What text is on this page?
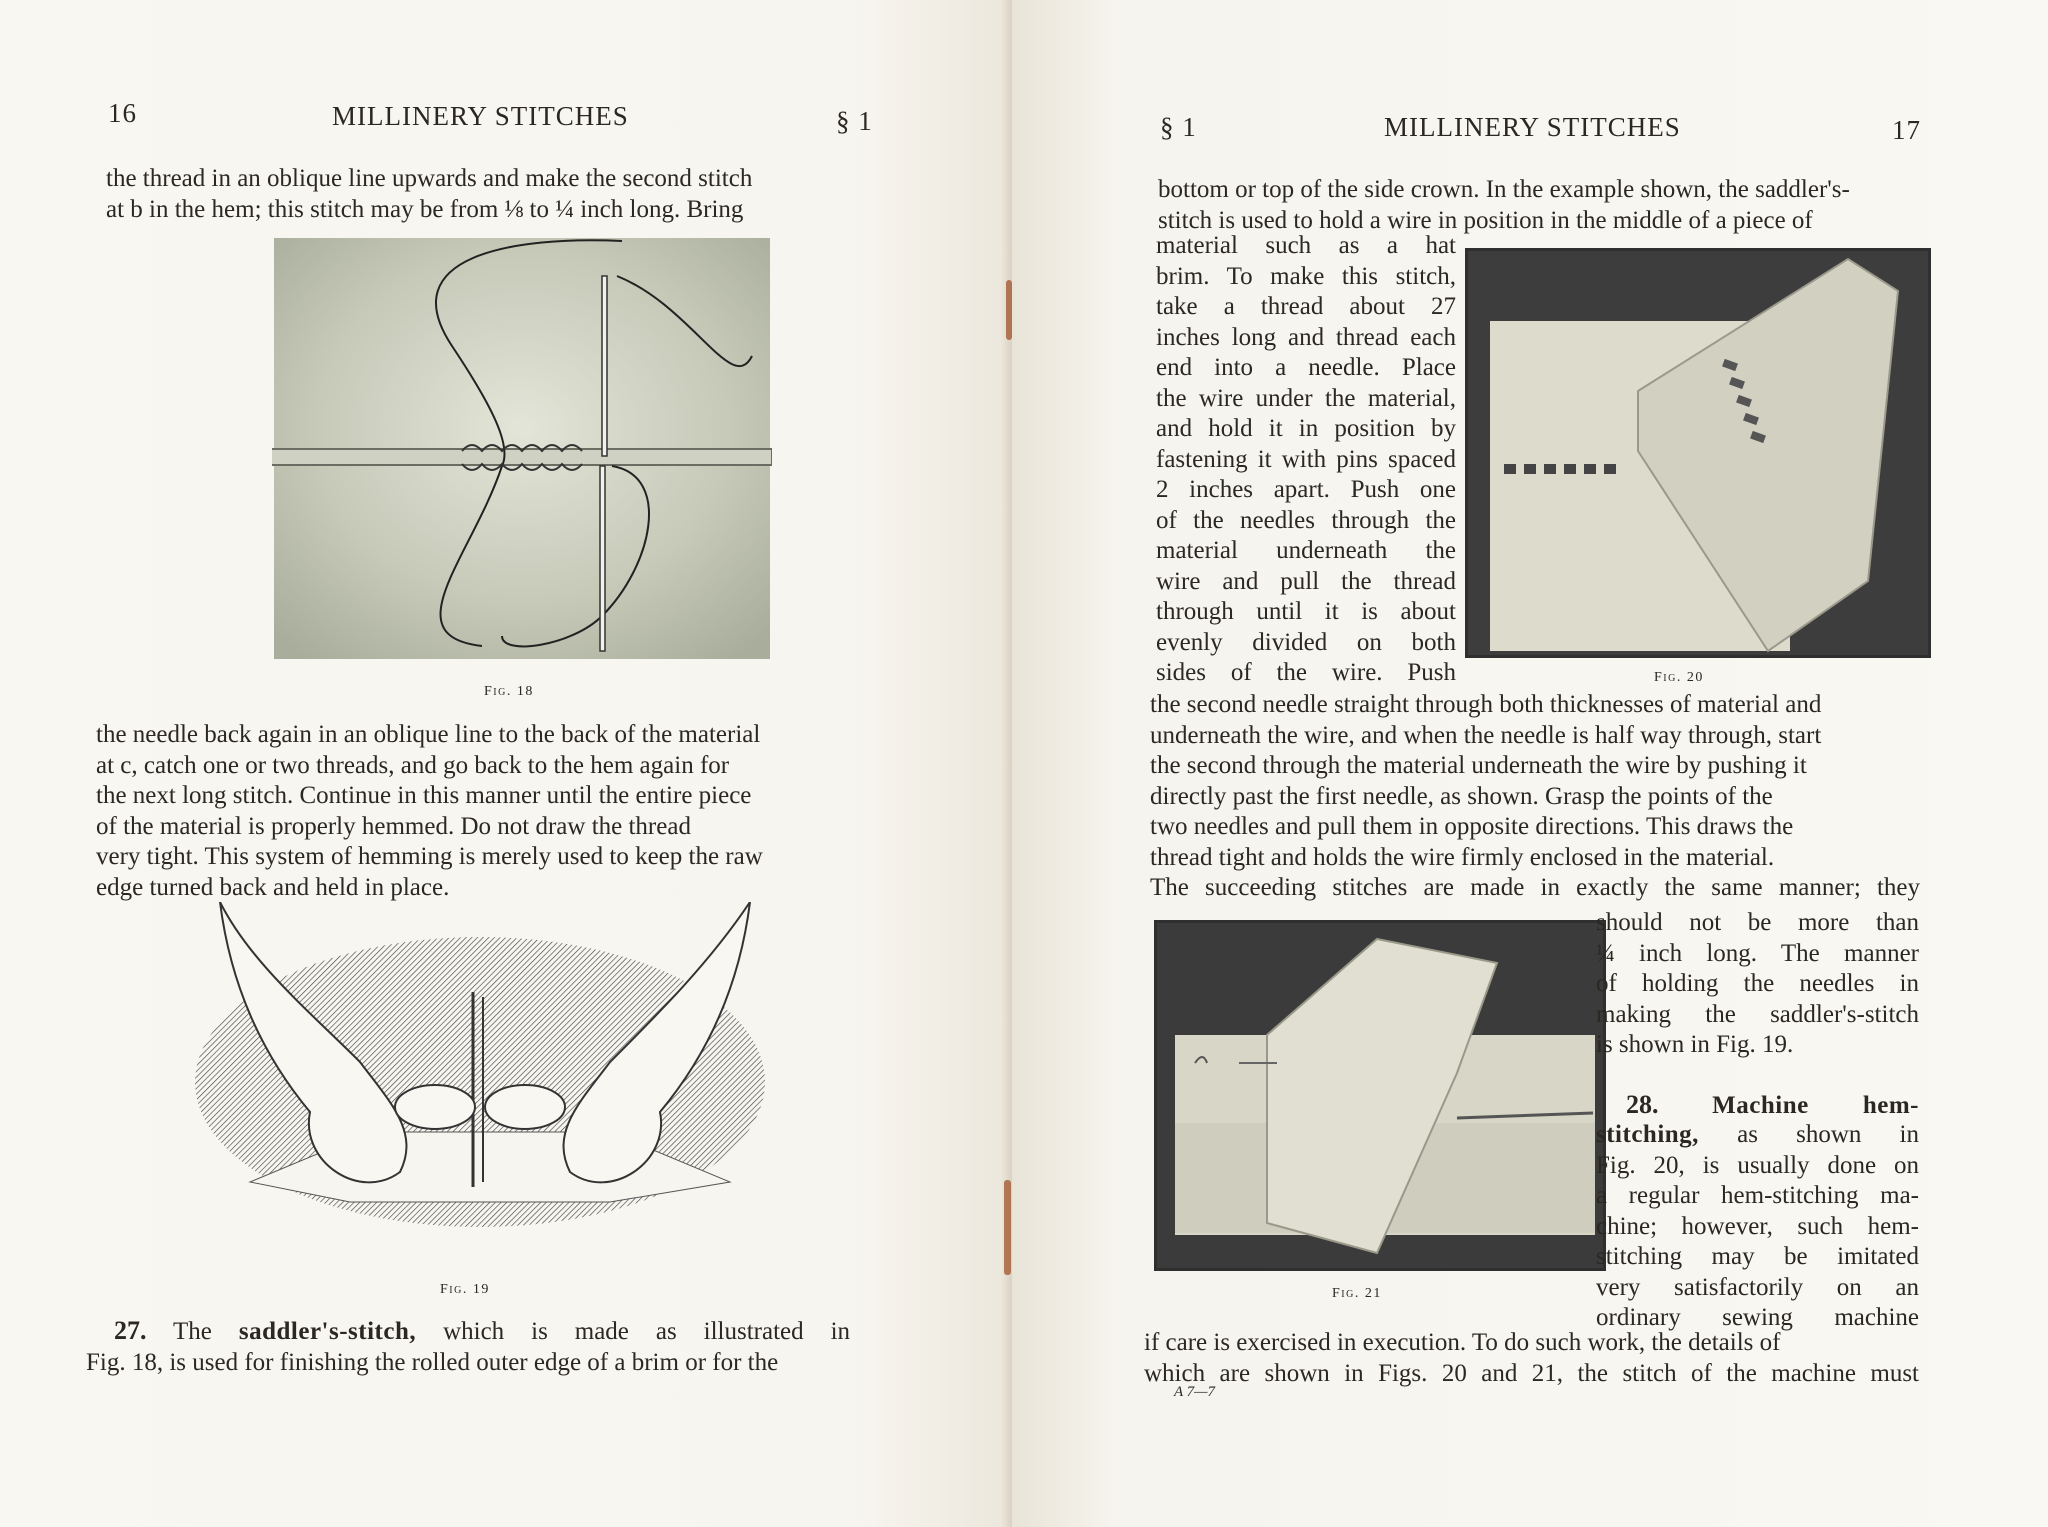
16	MILLINERY STITCHES	§ 1

the thread in an oblique line upwards and make the second stitch

at b in the hem; this stitch may be from ⅛ to ¼ inch long. Bring

Fig. 18

the needle back again in an oblique line to the back of the material

at c, catch one or two threads, and go back to the hem again for

the next long stitch. Continue in this manner until the entire piece

of the material is properly hemmed. Do not draw the thread

very tight. This system of hemming is merely used to keep the raw

edge turned back and held in place.

Fig. 19

27. The saddler's-stitch, which is made as illustrated in

Fig. 18, is used for finishing the rolled outer edge of a brim or for the

§ 1	MILLINERY STITCHES	17

bottom or top of the side crown. In the example shown, the saddler's-

stitch is used to hold a wire in position in the middle of a piece of

material such as a hat

brim. To make this stitch,

take a thread about 27

inches long and thread each

end into a needle. Place

the wire under the material,

and hold it in position by

fastening it with pins spaced

2 inches apart. Push one

of the needles through the

material underneath the

wire and pull the thread

through until it is about

evenly divided on both

sides of the wire. Push	Fig. 20

the second needle straight through both thicknesses of material and

underneath the wire, and when the needle is half way through, start

the second through the material underneath the wire by pushing it

directly past the first needle, as shown. Grasp the points of the

two needles and pull them in opposite directions. This draws the

thread tight and holds the wire firmly enclosed in the material.

The succeeding stitches are made in exactly the same manner; they

Fig. 21

should not be more than

¼ inch long. The manner

of holding the needles in

making the saddler's-stitch

is shown in Fig. 19.

28. Machine hem-

stitching, as shown in

Fig. 20, is usually done on

a regular hem-stitching ma-

chine; however, such hem-

stitching may be imitated

very satisfactorily on an

ordinary sewing machine

if care is exercised in execution. To do such work, the details of

which are shown in Figs. 20 and 21, the stitch of the machine must

A 7—7
